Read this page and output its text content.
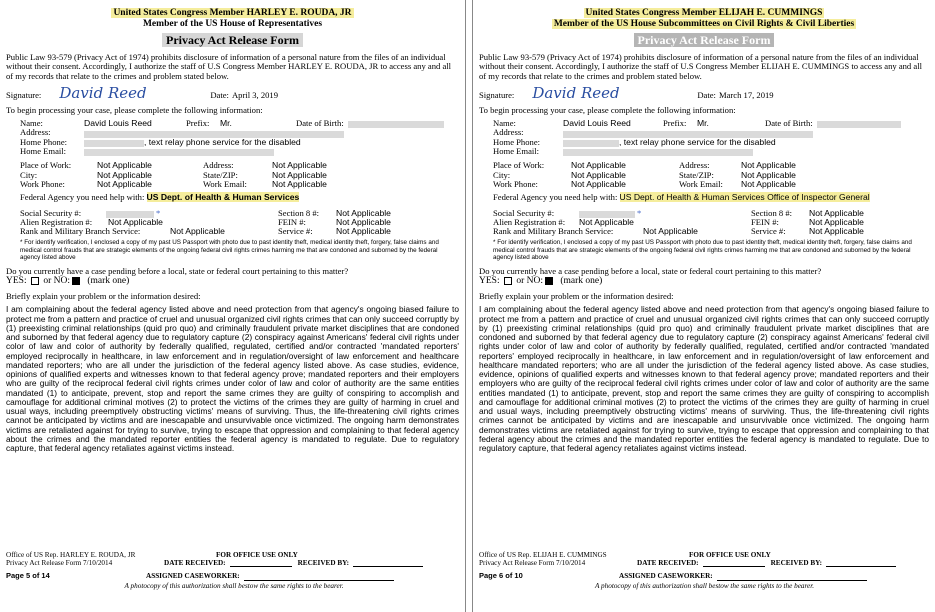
United States Congress Member HARLEY E. ROUDA, JR
Member of the US House of Representatives
Privacy Act Release Form
Public Law 93-579 (Privacy Act of 1974) prohibits disclosure of information of a personal nature from the files of an individual without their consent. Accordingly, I authorize the staff of U.S Congress Member HARLEY E. ROUDA, JR to access any and all of my records that relate to the crimes and problem stated below.
Signature: David Reed	Date: April 3, 2019
To begin processing your case, please complete the following information:
Name:	David Louis Reed	Prefix:	Mr.	Date of Birth:
Address:
Home Phone:	, text relay phone service for the disabled
Home Email:
Place of Work:	Not Applicable	Address:	Not Applicable
City:	Not Applicable	State/ZIP:	Not Applicable
Work Phone:	Not Applicable	Work Email:	Not Applicable
Federal Agency you need help with: US Dept. of Health & Human Services
Social Security #:	*	Section 8 #:	Not Applicable
Alien Registration #:	Not Applicable	FEIN #:	Not Applicable
Rank and Military Branch Service:	Not Applicable	Service #:	Not Applicable
* For identify verification, I enclosed a copy of my past US Passport with photo due to past identity theft, medical identity theft, forgery, false claims and medical control frauds that are strategic elements of the ongoing federal civil rights crimes harming me that are condoned and suborned by the federal agency listed above
Do you currently have a case pending before a local, state or federal court pertaining to this matter?
YES: or NO: (mark one)
Briefly explain your problem or the information desired:
I am complaining about the federal agency listed above and need protection from that agency's ongoing biased failure to protect me from a pattern and practice of cruel and unusual organized civil rights crimes that can only succeed corruptly by (1) preexisting criminal relationships (quid pro quo) and criminally fraudulent private market disciplines that are condoned and suborned by that federal agency due to regulatory capture (2) conspiracy against Americans' federal civil rights under color of law and color of authority by federally qualified, regulated, certified and/or contracted 'mandated reporters' employed reciprocally in healthcare, in law enforcement and in regulation/oversight of law enforcement and healthcare mandated reporters; who are all under the jurisdiction of the federal agency listed above. As case studies, evidence, opinions of qualified experts and witnesses known to that federal agency prove; mandated reporters and their employers who are guilty of the reciprocal federal civil rights crimes under color of law and color of authority are the same entities mandated (1) to anticipate, prevent, stop and report the same crimes they are guilty of conspiring to accomplish and camouflage for additional criminal motives (2) to protect the victims of the crimes they are guilty of harming in cruel and usual ways, including preemptively obstructing victims' means of surviving. Thus, the life-threatening civil rights crimes cannot be anticipated by victims and are inescapable and unsurvivable once victimized. The ongoing harm demonstrates victims are retaliated against for trying to survive, trying to escape that oppression and complaining to that federal agency about the crimes and the mandated reporter entities the federal agency is mandated to regulate. Due to regulatory capture, that federal agency retaliates against victims instead.
Office of US Rep. HARLEY E. ROUDA, JR	FOR OFFICE USE ONLY
Privacy Act Release Form 7/10/2014	DATE RECEIVED:	RECEIVED BY:
Page 5 of 14	ASSIGNED CASEWORKER:
A photocopy of this authorization shall bestow the same rights to the bearer.
United States Congress Member ELIJAH E. CUMMINGS
Member of the US House Subcommittees on Civil Rights & Civil Liberties
Privacy Act Release Form
Public Law 93-579 (Privacy Act of 1974) prohibits disclosure of information of a personal nature from the files of an individual without their consent. Accordingly, I authorize the staff of U.S Congress Member ELIJAH E. CUMMINGS to access any and all of my records that relate to the crimes and problem stated below.
Signature: David Reed	Date: March 17, 2019
To begin processing your case, please complete the following information:
Name:	David Louis Reed	Prefix:	Mr.	Date of Birth:
Address:
Home Phone:	, text relay phone service for the disabled
Home Email:
Place of Work:	Not Applicable	Address:	Not Applicable
City:	Not Applicable	State/ZIP:	Not Applicable
Work Phone:	Not Applicable	Work Email:	Not Applicable
Federal Agency you need help with: US Dept. of Health & Human Services Office of Inspector General
Social Security #:	*	Section 8 #:	Not Applicable
Alien Registration #:	Not Applicable	FEIN #:	Not Applicable
Rank and Military Branch Service:	Not Applicable	Service #:	Not Applicable
* For identify verification, I enclosed a copy of my past US Passport with photo due to past identity theft, medical identity theft, forgery, false claims and medical control frauds that are strategic elements of the ongoing federal civil rights crimes harming me that are condoned and suborned by the federal agency listed above
Do you currently have a case pending before a local, state or federal court pertaining to this matter?
YES: or NO: (mark one)
Briefly explain your problem or the information desired:
I am complaining about the federal agency listed above and need protection from that agency's ongoing biased failure to protect me from a pattern and practice of cruel and unusual organized civil rights crimes that can only succeed corruptly by (1) preexisting criminal relationships (quid pro quo) and criminally fraudulent private market disciplines that are condoned and suborned by that federal agency due to regulatory capture (2) conspiracy against Americans' federal civil rights under color of law and color of authority by federally qualified, regulated, certified and/or contracted 'mandated reporters' employed reciprocally in healthcare, in law enforcement and in regulation/oversight of law enforcement and healthcare mandated reporters; who are all under the jurisdiction of the federal agency listed above. As case studies, evidence, opinions of qualified experts and witnesses known to that federal agency prove; mandated reporters and their employers who are guilty of the reciprocal federal civil rights crimes under color of law and color of authority are the same entities mandated (1) to anticipate, prevent, stop and report the same crimes they are guilty of conspiring to accomplish and camouflage for additional criminal motives (2) to protect the victims of the crimes they are guilty of harming in cruel and usual ways, including preemptively obstructing victims' means of surviving. Thus, the life-threatening civil rights crimes cannot be anticipated by victims and are inescapable and unsurvivable once victimized. The ongoing harm demonstrates victims are retaliated against for trying to survive, trying to escape that oppression and complaining to that federal agency about the crimes and the mandated reporter entities the federal agency is mandated to regulate. Due to regulatory capture, that federal agency retaliates against victims instead.
Office of US Rep. ELIJAH E. CUMMINGS	FOR OFFICE USE ONLY
Privacy Act Release Form 7/10/2014	DATE RECEIVED:	RECEIVED BY:
Page 6 of 10	ASSIGNED CASEWORKER:
A photocopy of this authorization shall bestow the same rights to the bearer.
